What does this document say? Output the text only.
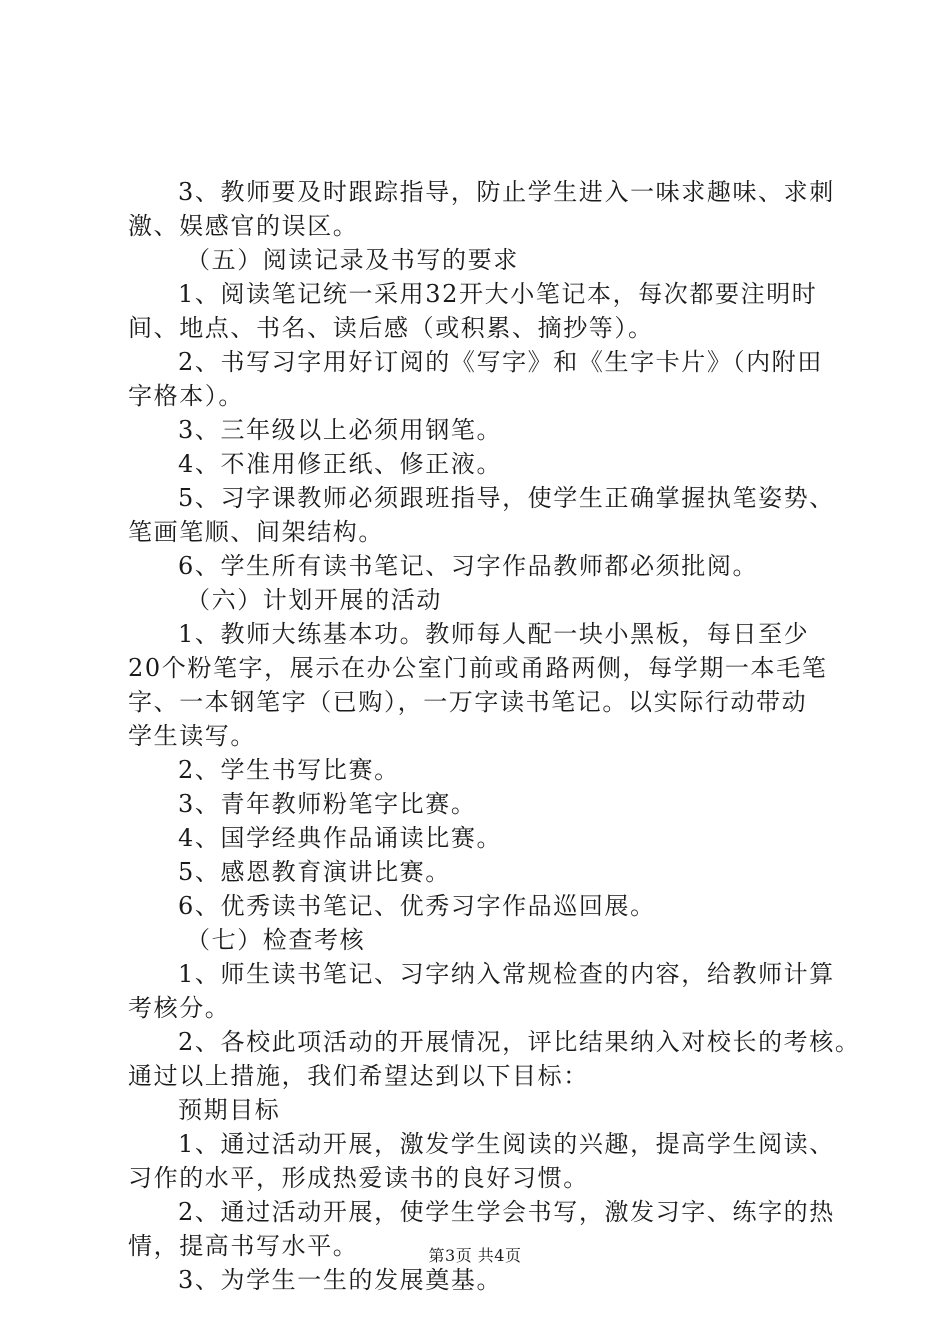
3、教师要及时跟踪指导，防止学生进入一味求趣味、求刺
激、娱感官的误区。
（五）阅读记录及书写的要求
1、阅读笔记统一采用32开大小笔记本，每次都要注明时
间、地点、书名、读后感（或积累、摘抄等）。
2、书写习字用好订阅的《写字》和《生字卡片》（内附田
字格本）。
3、三年级以上必须用钢笔。
4、不准用修正纸、修正液。
5、习字课教师必须跟班指导，使学生正确掌握执笔姿势、
笔画笔顺、间架结构。
6、学生所有读书笔记、习字作品教师都必须批阅。
（六）计划开展的活动
1、教师大练基本功。教师每人配一块小黑板，每日至少
20个粉笔字，展示在办公室门前或甬路两侧，每学期一本毛笔
字、一本钢笔字（已购），一万字读书笔记。以实际行动带动
学生读写。
2、学生书写比赛。
3、青年教师粉笔字比赛。
4、国学经典作品诵读比赛。
5、感恩教育演讲比赛。
6、优秀读书笔记、优秀习字作品巡回展。
（七）检查考核
1、师生读书笔记、习字纳入常规检查的内容，给教师计算
考核分。
2、各校此项活动的开展情况，评比结果纳入对校长的考核。
通过以上措施，我们希望达到以下目标：
预期目标
1、通过活动开展，激发学生阅读的兴趣，提高学生阅读、
习作的水平，形成热爱读书的良好习惯。
2、通过活动开展，使学生学会书写，激发习字、练字的热
情，提高书写水平。
3、为学生一生的发展奠基。
第3页 共4页
